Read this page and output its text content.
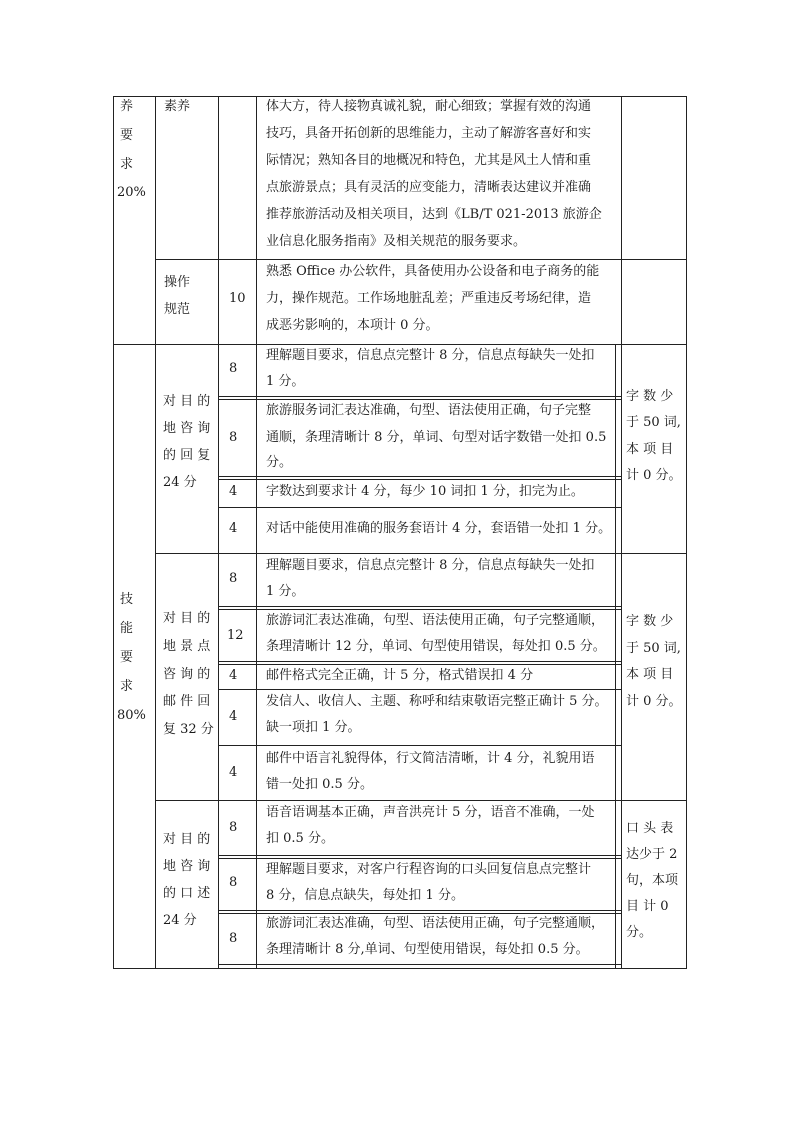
养
要
求
20%
素养	体大方，待人接物真诚礼貌，耐心细致；掌握有效的沟通
技巧，具备开拓创新的思维能力，主动了解游客喜好和实
际情况；熟知各目的地概况和特色，尤其是风土人情和重
点旅游景点；具有灵活的应变能力，清晰表达建议并准确
推荐旅游活动及相关项目，达到《LB/T 021-2013 旅游企
业信息化服务指南》及相关规范的服务要求。
操作
规范
10
熟悉 Office 办公软件，具备使用办公设备和电子商务的能
力，操作规范。工作场地脏乱差；严重违反考场纪律，造
成恶劣影响的，本项计 0 分。
技
能
要
求
80%
对 目 的
地 咨 询
的 回 复
24 分
字 数 少
于 50 词,
本 项 目
计 0 分。
8
理解题目要求，信息点完整计 8 分，信息点每缺失一处扣
1 分。
8
旅游服务词汇表达准确，句型、语法使用正确，句子完整
通顺，条理清晰计 8 分，单词、句型对话字数错一处扣 0.5
分。
4 字数达到要求计 4 分，每少 10 词扣 1 分，扣完为止。
4 对话中能使用准确的服务套语计 4 分，套语错一处扣 1 分。
对 目 的
地 景 点
咨 询 的
邮 件 回
复 32 分
字 数 少
于 50 词,
本 项 目
计 0 分。
8
理解题目要求，信息点完整计 8 分，信息点每缺失一处扣
1 分。
12
旅游词汇表达准确，句型、语法使用正确，句子完整通顺，
条理清晰计 12 分，单词、句型使用错误，每处扣 0.5 分。
4 邮件格式完全正确，计 5 分，格式错误扣 4 分
4
发信人、收信人、主题、称呼和结束敬语完整正确计 5 分。
缺一项扣 1 分。
4
邮件中语言礼貌得体，行文简洁清晰，计 4 分，礼貌用语
错一处扣 0.5 分。
对 目 的
地 咨 询
的 口 述
24 分
口 头 表
达少于 2
句，本项
目 计 0
分。
8
语音语调基本正确，声音洪亮计 5 分，语音不准确，一处
扣 0.5 分。
8
理解题目要求，对客户行程咨询的口头回复信息点完整计
8 分，信息点缺失，每处扣 1 分。
8
旅游词汇表达准确，句型、语法使用正确，句子完整通顺，
条理清晰计 8 分,单词、句型使用错误，每处扣 0.5 分。
